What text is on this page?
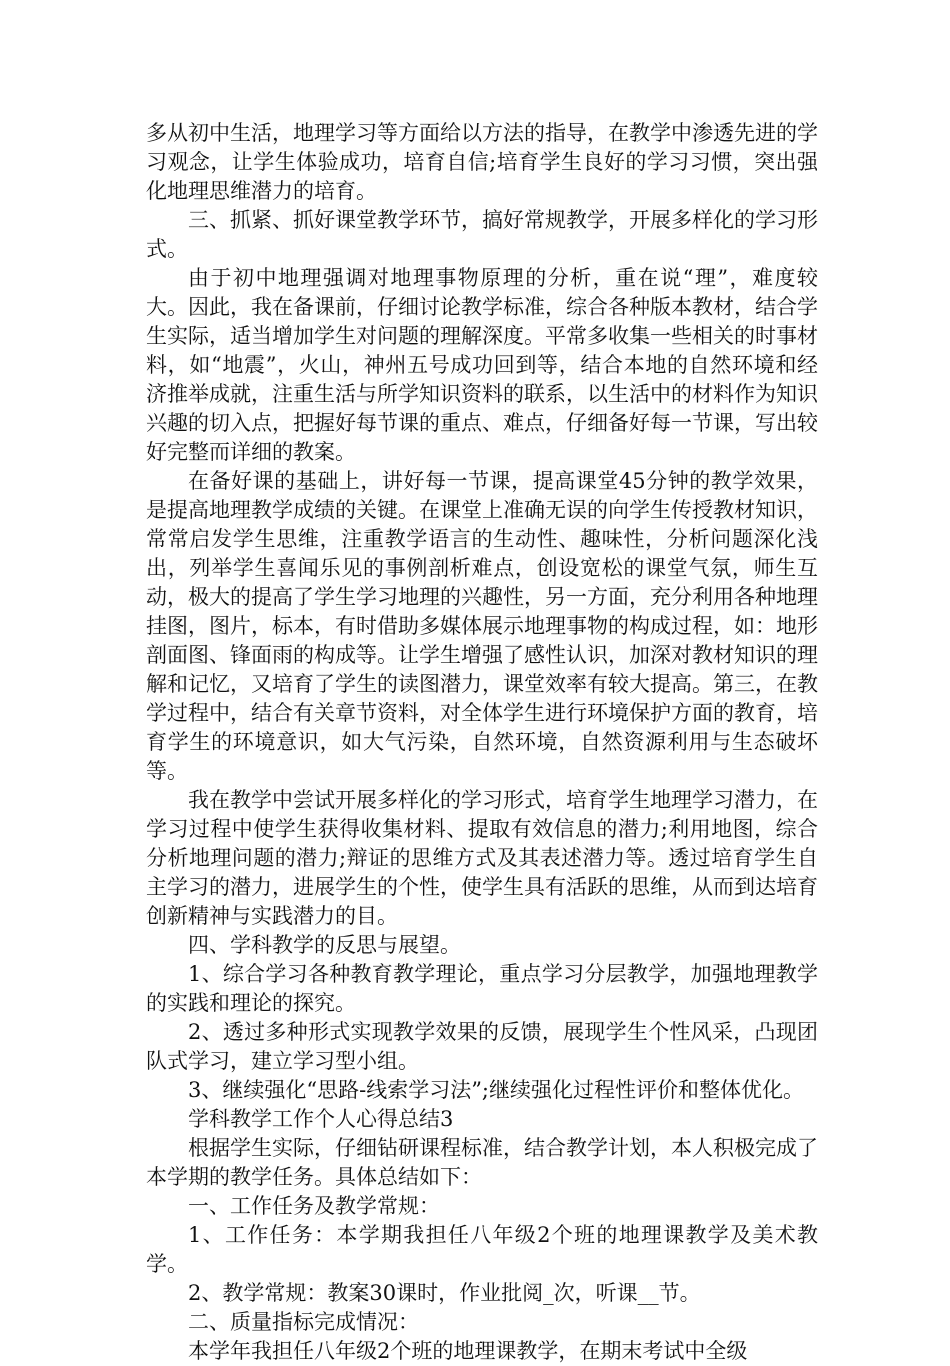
多从初中生活，地理学习等方面给以方法的指导，在教学中渗透先进的学习观念，让学生体验成功，培育自信;培育学生良好的学习习惯，突出强化地理思维潜力的培育。

三、抓紧、抓好课堂教学环节，搞好常规教学，开展多样化的学习形式。

由于初中地理强调对地理事物原理的分析，重在说“理”，难度较大。因此，我在备课前，仔细讨论教学标准，综合各种版本教材，结合学生实际，适当增加学生对问题的理解深度。平常多收集一些相关的时事材料，如“地震”，火山，神州五号成功回到等，结合本地的自然环境和经济推举成就，注重生活与所学知识资料的联系，以生活中的材料作为知识兴趣的切入点，把握好每节课的重点、难点，仔细备好每一节课，写出较好完整而详细的教案。

在备好课的基础上，讲好每一节课，提高课堂45分钟的教学效果，是提高地理教学成绩的关键。在课堂上准确无误的向学生传授教材知识，常常启发学生思维，注重教学语言的生动性、趣味性，分析问题深化浅出，列举学生喜闻乐见的事例剖析难点，创设宽松的课堂气氛，师生互动，极大的提高了学生学习地理的兴趣性，另一方面，充分利用各种地理挂图，图片，标本，有时借助多媒体展示地理事物的构成过程，如：地形剖面图、锋面雨的构成等。让学生增强了感性认识，加深对教材知识的理解和记忆，又培育了学生的读图潜力，课堂效率有较大提高。第三，在教学过程中，结合有关章节资料，对全体学生进行环境保护方面的教育，培育学生的环境意识，如大气污染，自然环境，自然资源利用与生态破坏等。

我在教学中尝试开展多样化的学习形式，培育学生地理学习潜力，在学习过程中使学生获得收集材料、提取有效信息的潜力;利用地图，综合分析地理问题的潜力;辩证的思维方式及其表述潜力等。透过培育学生自主学习的潜力，进展学生的个性，使学生具有活跃的思维，从而到达培育创新精神与实践潜力的目。

四、学科教学的反思与展望。

1、综合学习各种教育教学理论，重点学习分层教学，加强地理教学的实践和理论的探究。

2、透过多种形式实现教学效果的反馈，展现学生个性风采，凸现团队式学习，建立学习型小组。

3、继续强化“思路-线索学习法”;继续强化过程性评价和整体优化。

学科教学工作个人心得总结3

根据学生实际，仔细钻研课程标准，结合教学计划，本人积极完成了本学期的教学任务。具体总结如下：

一、工作任务及教学常规：

1、工作任务：本学期我担任八年级2个班的地理课教学及美术教学。

2、教学常规：教案30课时，作业批阅_次，听课__节。

二、质量指标完成情况：

本学年我担任八年级2个班的地理课教学，在期末考试中全级
